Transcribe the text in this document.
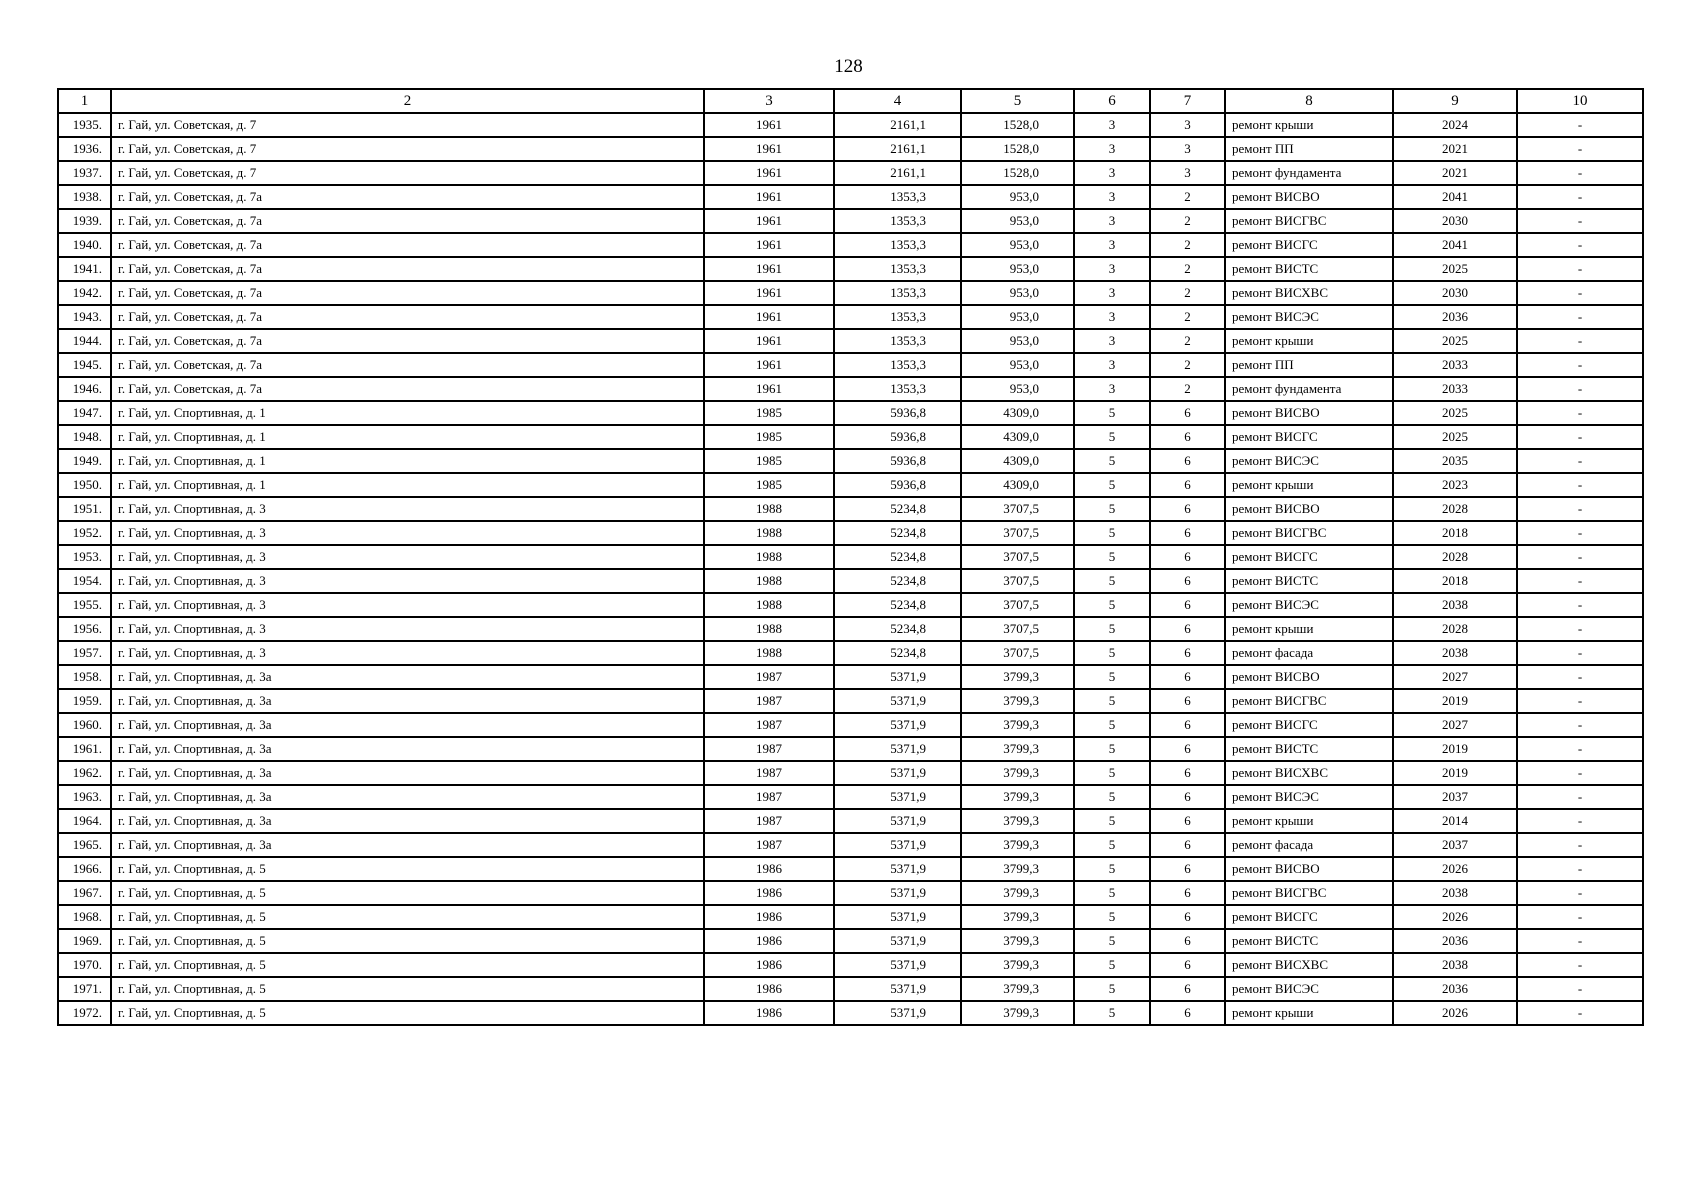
128
1	2	3	4	5	6	7	8	9	10
1935.	г. Гай, ул. Советская, д. 7	1961	2161,1	1528,0	3	3	ремонт крыши	2024	-
1936.	г. Гай, ул. Советская, д. 7	1961	2161,1	1528,0	3	3	ремонт ПП	2021	-
1937.	г. Гай, ул. Советская, д. 7	1961	2161,1	1528,0	3	3	ремонт фундамента	2021	-
1938.	г. Гай, ул. Советская, д. 7а	1961	1353,3	953,0	3	2	ремонт ВИСВО	2041	-
1939.	г. Гай, ул. Советская, д. 7а	1961	1353,3	953,0	3	2	ремонт ВИСГВС	2030	-
1940.	г. Гай, ул. Советская, д. 7а	1961	1353,3	953,0	3	2	ремонт ВИСГС	2041	-
1941.	г. Гай, ул. Советская, д. 7а	1961	1353,3	953,0	3	2	ремонт ВИСТС	2025	-
1942.	г. Гай, ул. Советская, д. 7а	1961	1353,3	953,0	3	2	ремонт ВИСХВС	2030	-
1943.	г. Гай, ул. Советская, д. 7а	1961	1353,3	953,0	3	2	ремонт ВИСЭС	2036	-
1944.	г. Гай, ул. Советская, д. 7а	1961	1353,3	953,0	3	2	ремонт крыши	2025	-
1945.	г. Гай, ул. Советская, д. 7а	1961	1353,3	953,0	3	2	ремонт ПП	2033	-
1946.	г. Гай, ул. Советская, д. 7а	1961	1353,3	953,0	3	2	ремонт фундамента	2033	-
1947.	г. Гай, ул. Спортивная, д. 1	1985	5936,8	4309,0	5	6	ремонт ВИСВО	2025	-
1948.	г. Гай, ул. Спортивная, д. 1	1985	5936,8	4309,0	5	6	ремонт ВИСГС	2025	-
1949.	г. Гай, ул. Спортивная, д. 1	1985	5936,8	4309,0	5	6	ремонт ВИСЭС	2035	-
1950.	г. Гай, ул. Спортивная, д. 1	1985	5936,8	4309,0	5	6	ремонт крыши	2023	-
1951.	г. Гай, ул. Спортивная, д. 3	1988	5234,8	3707,5	5	6	ремонт ВИСВО	2028	-
1952.	г. Гай, ул. Спортивная, д. 3	1988	5234,8	3707,5	5	6	ремонт ВИСГВС	2018	-
1953.	г. Гай, ул. Спортивная, д. 3	1988	5234,8	3707,5	5	6	ремонт ВИСГС	2028	-
1954.	г. Гай, ул. Спортивная, д. 3	1988	5234,8	3707,5	5	6	ремонт ВИСТС	2018	-
1955.	г. Гай, ул. Спортивная, д. 3	1988	5234,8	3707,5	5	6	ремонт ВИСЭС	2038	-
1956.	г. Гай, ул. Спортивная, д. 3	1988	5234,8	3707,5	5	6	ремонт крыши	2028	-
1957.	г. Гай, ул. Спортивная, д. 3	1988	5234,8	3707,5	5	6	ремонт фасада	2038	-
1958.	г. Гай, ул. Спортивная, д. 3а	1987	5371,9	3799,3	5	6	ремонт ВИСВО	2027	-
1959.	г. Гай, ул. Спортивная, д. 3а	1987	5371,9	3799,3	5	6	ремонт ВИСГВС	2019	-
1960.	г. Гай, ул. Спортивная, д. 3а	1987	5371,9	3799,3	5	6	ремонт ВИСГС	2027	-
1961.	г. Гай, ул. Спортивная, д. 3а	1987	5371,9	3799,3	5	6	ремонт ВИСТС	2019	-
1962.	г. Гай, ул. Спортивная, д. 3а	1987	5371,9	3799,3	5	6	ремонт ВИСХВС	2019	-
1963.	г. Гай, ул. Спортивная, д. 3а	1987	5371,9	3799,3	5	6	ремонт ВИСЭС	2037	-
1964.	г. Гай, ул. Спортивная, д. 3а	1987	5371,9	3799,3	5	6	ремонт крыши	2014	-
1965.	г. Гай, ул. Спортивная, д. 3а	1987	5371,9	3799,3	5	6	ремонт фасада	2037	-
1966.	г. Гай, ул. Спортивная, д. 5	1986	5371,9	3799,3	5	6	ремонт ВИСВО	2026	-
1967.	г. Гай, ул. Спортивная, д. 5	1986	5371,9	3799,3	5	6	ремонт ВИСГВС	2038	-
1968.	г. Гай, ул. Спортивная, д. 5	1986	5371,9	3799,3	5	6	ремонт ВИСГС	2026	-
1969.	г. Гай, ул. Спортивная, д. 5	1986	5371,9	3799,3	5	6	ремонт ВИСТС	2036	-
1970.	г. Гай, ул. Спортивная, д. 5	1986	5371,9	3799,3	5	6	ремонт ВИСХВС	2038	-
1971.	г. Гай, ул. Спортивная, д. 5	1986	5371,9	3799,3	5	6	ремонт ВИСЭС	2036	-
1972.	г. Гай, ул. Спортивная, д. 5	1986	5371,9	3799,3	5	6	ремонт крыши	2026	-
